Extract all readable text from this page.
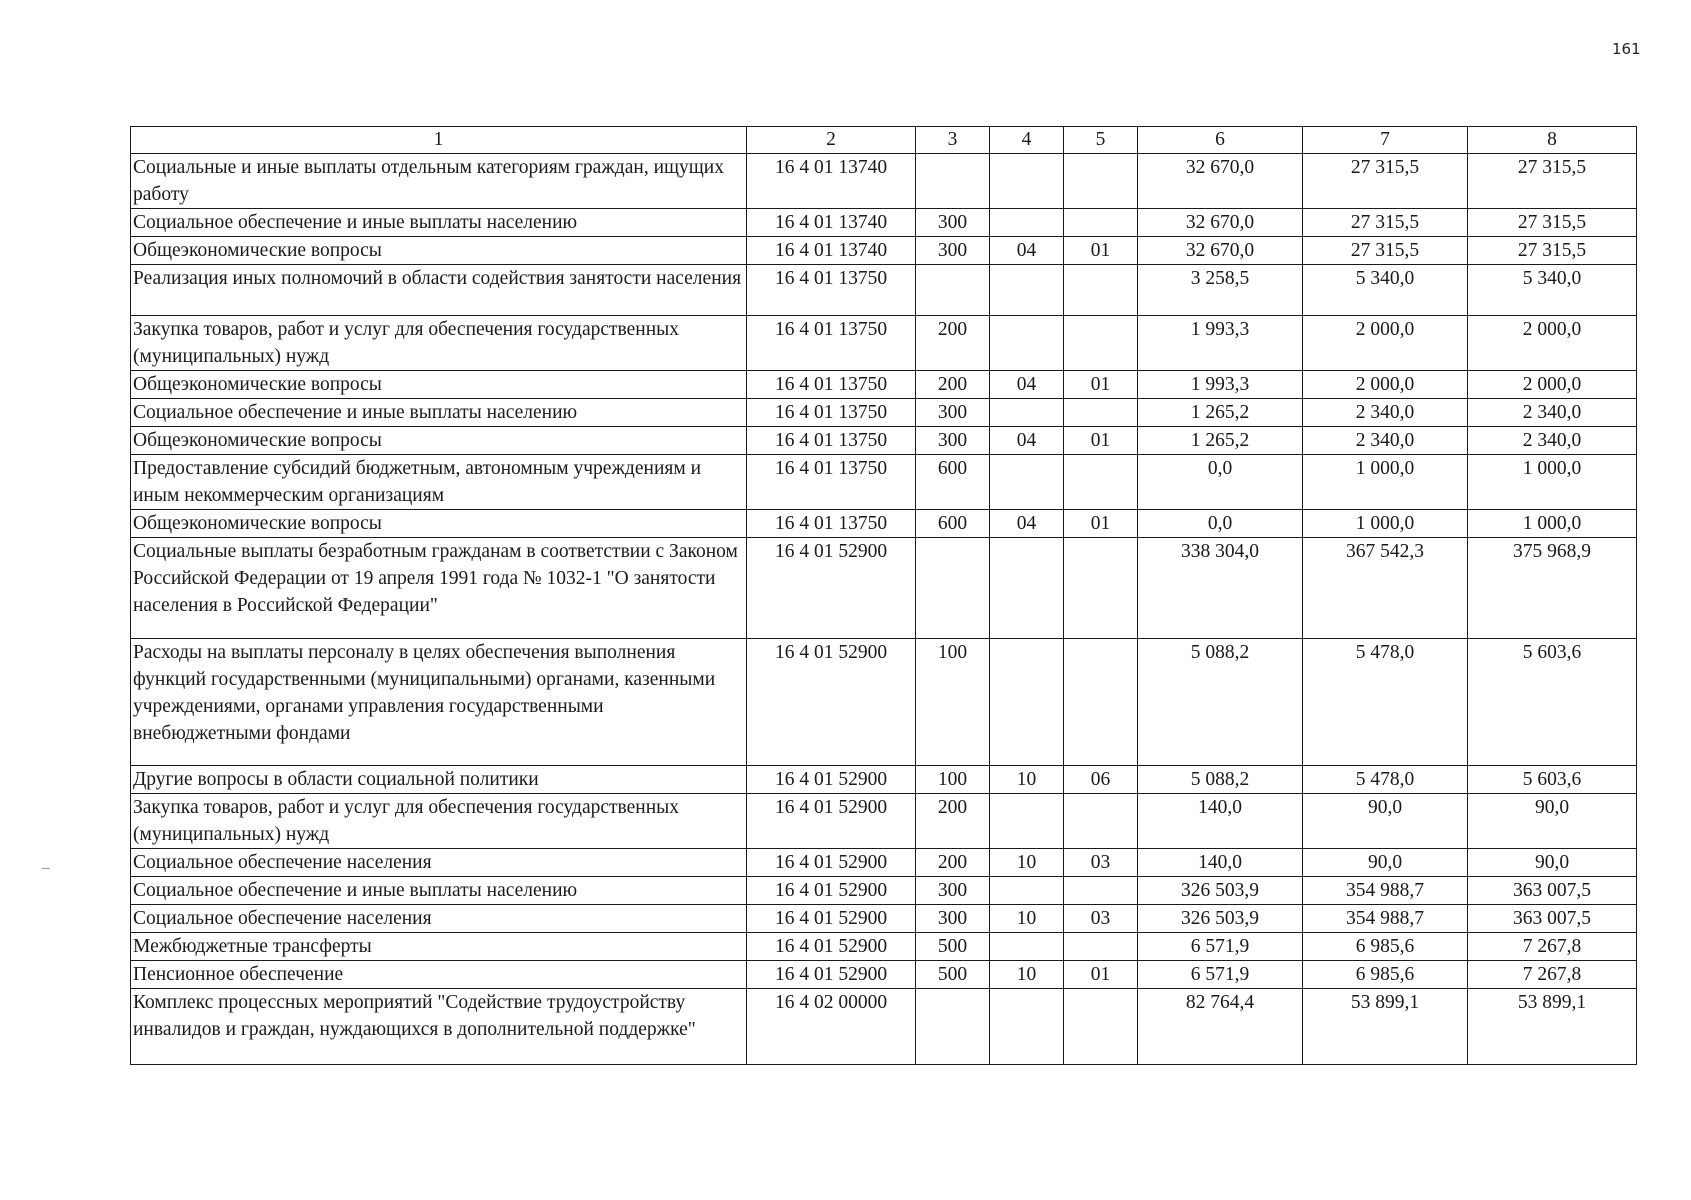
161
1	2	3	4	5	6	7	8
Социальные и иные выплаты отдельным категориям граждан, ищущих работу	16 4 01 13740				32 670,0	27 315,5	27 315,5
Социальное обеспечение и иные выплаты населению	16 4 01 13740	300			32 670,0	27 315,5	27 315,5
Общеэкономические вопросы	16 4 01 13740	300	04	01	32 670,0	27 315,5	27 315,5
Реализация иных полномочий в области содействия занятости населения	16 4 01 13750				3 258,5	5 340,0	5 340,0
Закупка товаров, работ и услуг для обеспечения государственных (муниципальных) нужд	16 4 01 13750	200			1 993,3	2 000,0	2 000,0
Общеэкономические вопросы	16 4 01 13750	200	04	01	1 993,3	2 000,0	2 000,0
Социальное обеспечение и иные выплаты населению	16 4 01 13750	300			1 265,2	2 340,0	2 340,0
Общеэкономические вопросы	16 4 01 13750	300	04	01	1 265,2	2 340,0	2 340,0
Предоставление субсидий бюджетным, автономным учреждениям и иным некоммерческим организациям	16 4 01 13750	600			0,0	1 000,0	1 000,0
Общеэкономические вопросы	16 4 01 13750	600	04	01	0,0	1 000,0	1 000,0
Социальные выплаты безработным гражданам в соответствии с Законом Российской Федерации от 19 апреля 1991 года № 1032-1 "О занятости населения в Российской Федерации"	16 4 01 52900				338 304,0	367 542,3	375 968,9
Расходы на выплаты персоналу в целях обеспечения выполнения функций государственными (муниципальными) органами, казенными учреждениями, органами управления государственными внебюджетными фондами	16 4 01 52900	100			5 088,2	5 478,0	5 603,6
Другие вопросы в области социальной политики	16 4 01 52900	100	10	06	5 088,2	5 478,0	5 603,6
Закупка товаров, работ и услуг для обеспечения государственных (муниципальных) нужд	16 4 01 52900	200			140,0	90,0	90,0
Социальное обеспечение населения	16 4 01 52900	200	10	03	140,0	90,0	90,0
Социальное обеспечение и иные выплаты населению	16 4 01 52900	300			326 503,9	354 988,7	363 007,5
Социальное обеспечение населения	16 4 01 52900	300	10	03	326 503,9	354 988,7	363 007,5
Межбюджетные трансферты	16 4 01 52900	500			6 571,9	6 985,6	7 267,8
Пенсионное обеспечение	16 4 01 52900	500	10	01	6 571,9	6 985,6	7 267,8
Комплекс процессных мероприятий "Содействие трудоустройству инвалидов и граждан, нуждающихся в дополнительной поддержке"	16 4 02 00000				82 764,4	53 899,1	53 899,1
